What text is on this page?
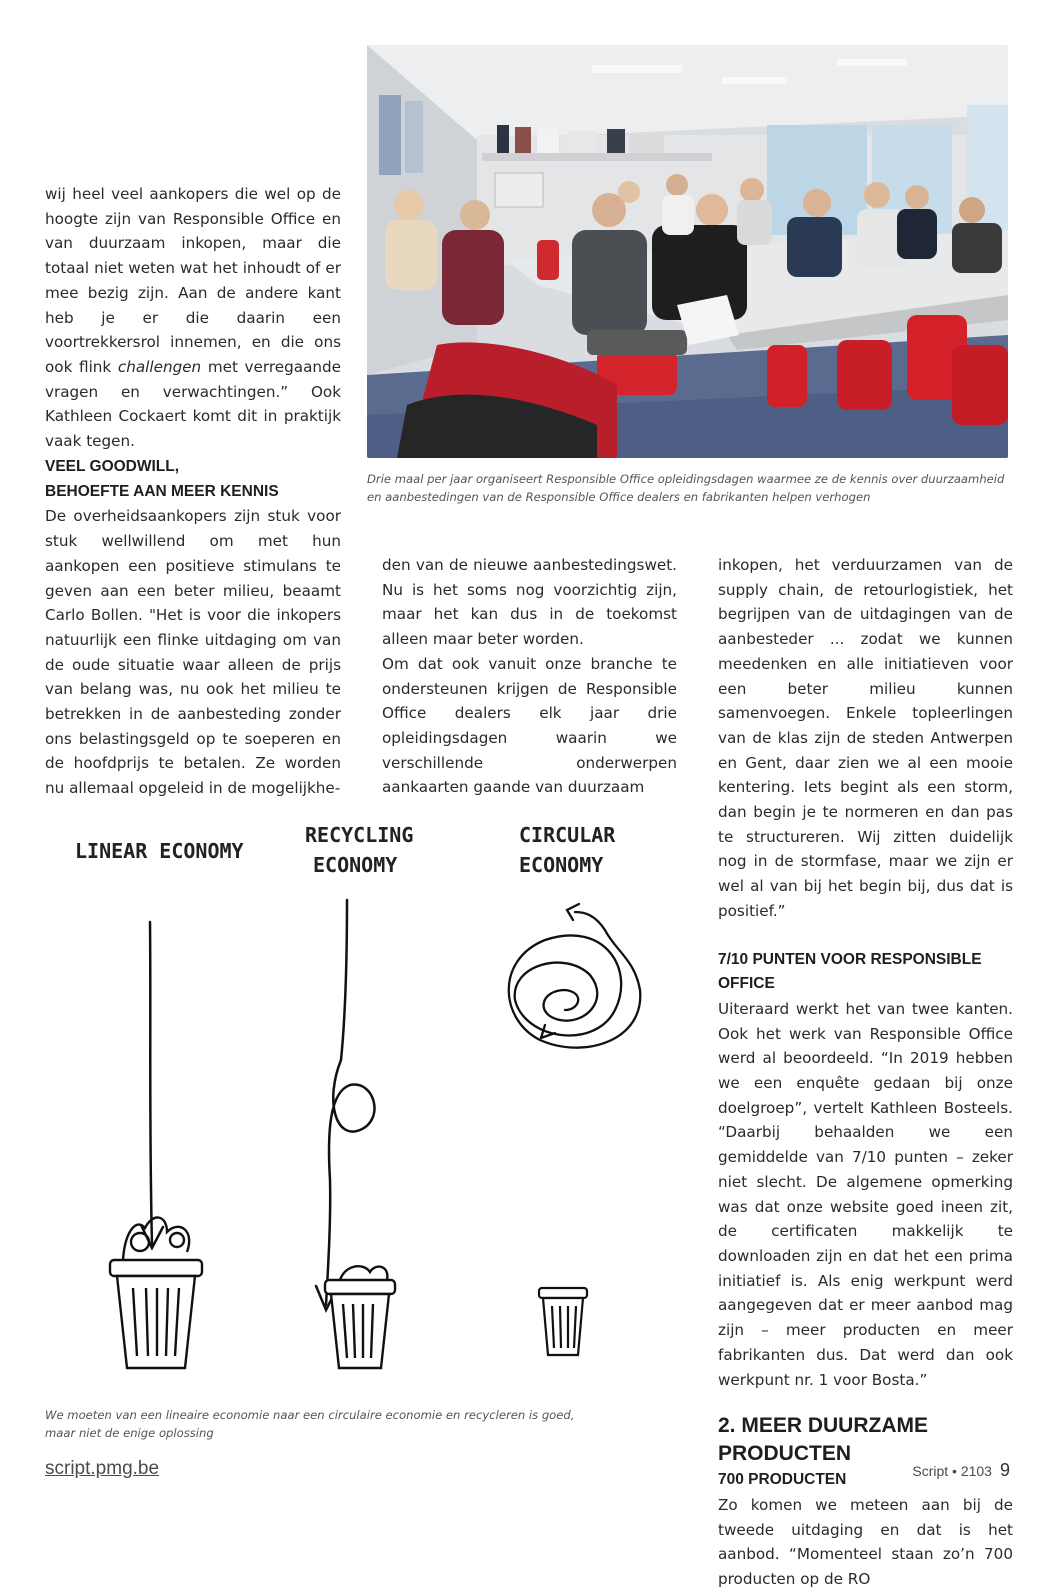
wij heel veel aankopers die wel op de hoogte zijn van Responsible Office en van duurzaam inkopen, maar die totaal niet weten wat het inhoudt of er mee bezig zijn. Aan de andere kant heb je er die daarin een voortrekkersrol innemen, en die ons ook flink challengen met verregaande vragen en verwachtingen.” Ook Kathleen Cockaert komt dit in praktijk vaak tegen.

VEEL GOODWILL,
BEHOEFTE AAN MEER KENNIS

De overheidsaankopers zijn stuk voor stuk wellwillend om met hun aankopen een positieve stimulans te geven aan een beter milieu, beaamt Carlo Bollen. "Het is voor die inkopers natuurlijk een flinke uitdaging om van de oude situatie waar alleen de prijs van belang was, nu ook het milieu te betrekken in de aanbesteding zonder ons belastingsgeld op te soeperen en de hoofdprijs te betalen. Ze worden nu allemaal opgeleid in de mogelijkhe-

Drie maal per jaar organiseert Responsible Office opleidingsdagen waarmee ze de kennis over duurzaamheid en aanbestedingen van de Responsible Office dealers en fabrikanten helpen verhogen

den van de nieuwe aanbestedingswet. Nu is het soms nog voorzichtig zijn, maar het kan dus in de toekomst alleen maar beter worden.

Om dat ook vanuit onze branche te ondersteunen krijgen de Responsible Office dealers elk jaar drie opleidingsdagen waarin we verschillende onderwerpen aankaarten gaande van duurzaam

inkopen, het verduurzamen van de supply chain, de retourlogistiek, het begrijpen van de uitdagingen van de aanbesteder ... zodat we kunnen meedenken en alle initiatieven voor een beter milieu kunnen samenvoegen. Enkele topleerlingen van de klas zijn de steden Antwerpen en Gent, daar zien we al een mooie kentering. Iets begint als een storm, dan begin je te normeren en dan pas te structureren. Wij zitten duidelijk nog in de stormfase, maar we zijn er wel al van bij het begin bij, dus dat is positief.”

7/10 PUNTEN VOOR RESPONSIBLE OFFICE

Uiteraard werkt het van twee kanten. Ook het werk van Responsible Office werd al beoordeeld. “In 2019 hebben we een enquête gedaan bij onze doelgroep”, vertelt Kathleen Bosteels. “Daarbij behaalden we een gemiddelde van 7/10 punten – zeker niet slecht. De algemene opmerking was dat onze website goed ineen zit, de certificaten makkelijk te downloaden zijn en dat het een prima initiatief is. Als enig werkpunt werd aangegeven dat er meer aanbod mag zijn – meer producten en meer fabrikanten dus. Dat werd dan ook werkpunt nr. 1 voor Bosta.”

2. MEER DUURZAME PRODUCTEN
700 PRODUCTEN

Zo komen we meteen aan bij de tweede uitdaging en dat is het aanbod. “Momenteel staan zo’n 700 producten op de RO

LINEAR ECONOMY
RECYCLING
ECONOMY
CIRCULAR
ECONOMY
We moeten van een lineaire economie naar een circulaire economie en recycleren is goed, maar niet de enige oplossing
script.pmg.be	Script • 2103 9
